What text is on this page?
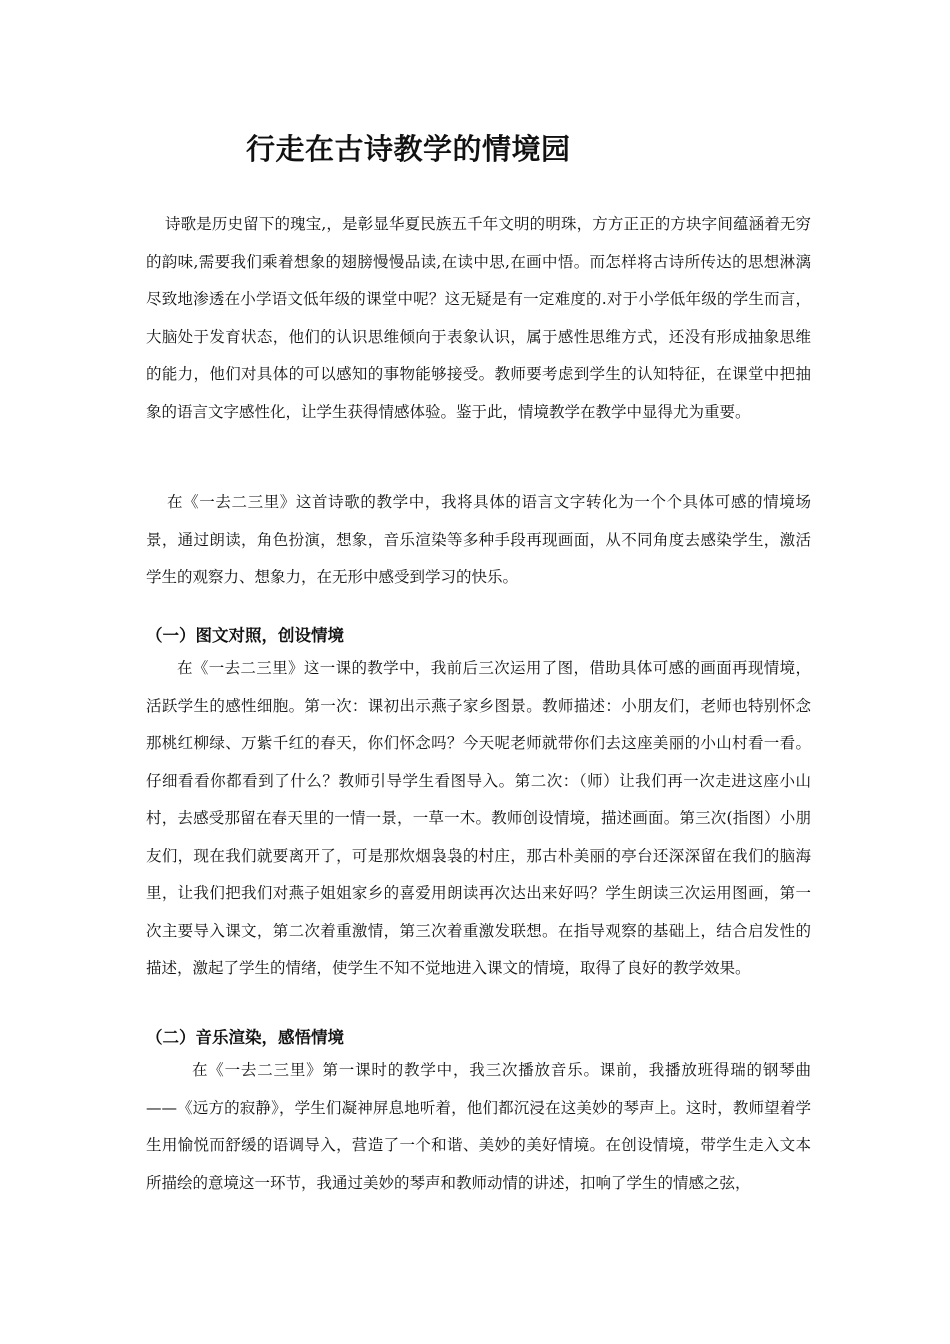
行走在古诗教学的情境园

诗歌是历史留下的瑰宝,，是彰显华夏民族五千年文明的明珠，方方正正的方块字间蕴涵着无穷的韵味,需要我们乘着想象的翅膀慢慢品读,在读中思,在画中悟。而怎样将古诗所传达的思想淋漓尽致地渗透在小学语文低年级的课堂中呢？这无疑是有一定难度的.对于小学低年级的学生而言，大脑处于发育状态，他们的认识思维倾向于表象认识，属于感性思维方式，还没有形成抽象思维的能力，他们对具体的可以感知的事物能够接受。教师要考虑到学生的认知特征，在课堂中把抽象的语言文字感性化，让学生获得情感体验。鉴于此，情境教学在教学中显得尤为重要。

在《一去二三里》这首诗歌的教学中，我将具体的语言文字转化为一个个具体可感的情境场景，通过朗读，角色扮演，想象，音乐渲染等多种手段再现画面，从不同角度去感染学生，激活学生的观察力、想象力，在无形中感受到学习的快乐。

（一）图文对照，创设情境

在《一去二三里》这一课的教学中，我前后三次运用了图，借助具体可感的画面再现情境，活跃学生的感性细胞。第一次：课初出示燕子家乡图景。教师描述：小朋友们，老师也特别怀念那桃红柳绿、万紫千红的春天，你们怀念吗？今天呢老师就带你们去这座美丽的小山村看一看。仔细看看你都看到了什么？教师引导学生看图导入。第二次：（师）让我们再一次走进这座小山村，去感受那留在春天里的一情一景，一草一木。教师创设情境，描述画面。第三次(指图）小朋友们，现在我们就要离开了，可是那炊烟袅袅的村庄，那古朴美丽的亭台还深深留在我们的脑海里，让我们把我们对燕子姐姐家乡的喜爱用朗读再次达出来好吗？学生朗读三次运用图画，第一次主要导入课文，第二次着重激情，第三次着重激发联想。在指导观察的基础上，结合启发性的描述，激起了学生的情绪，使学生不知不觉地进入课文的情境，取得了良好的教学效果。

（二）音乐渲染，感悟情境

在《一去二三里》第一课时的教学中，我三次播放音乐。课前，我播放班得瑞的钢琴曲——《远方的寂静》，学生们凝神屏息地听着，他们都沉浸在这美妙的琴声上。这时，教师望着学生用愉悦而舒缓的语调导入，营造了一个和谐、美妙的美好情境。在创设情境，带学生走入文本所描绘的意境这一环节，我通过美妙的琴声和教师动情的讲述，扣响了学生的情感之弦，
